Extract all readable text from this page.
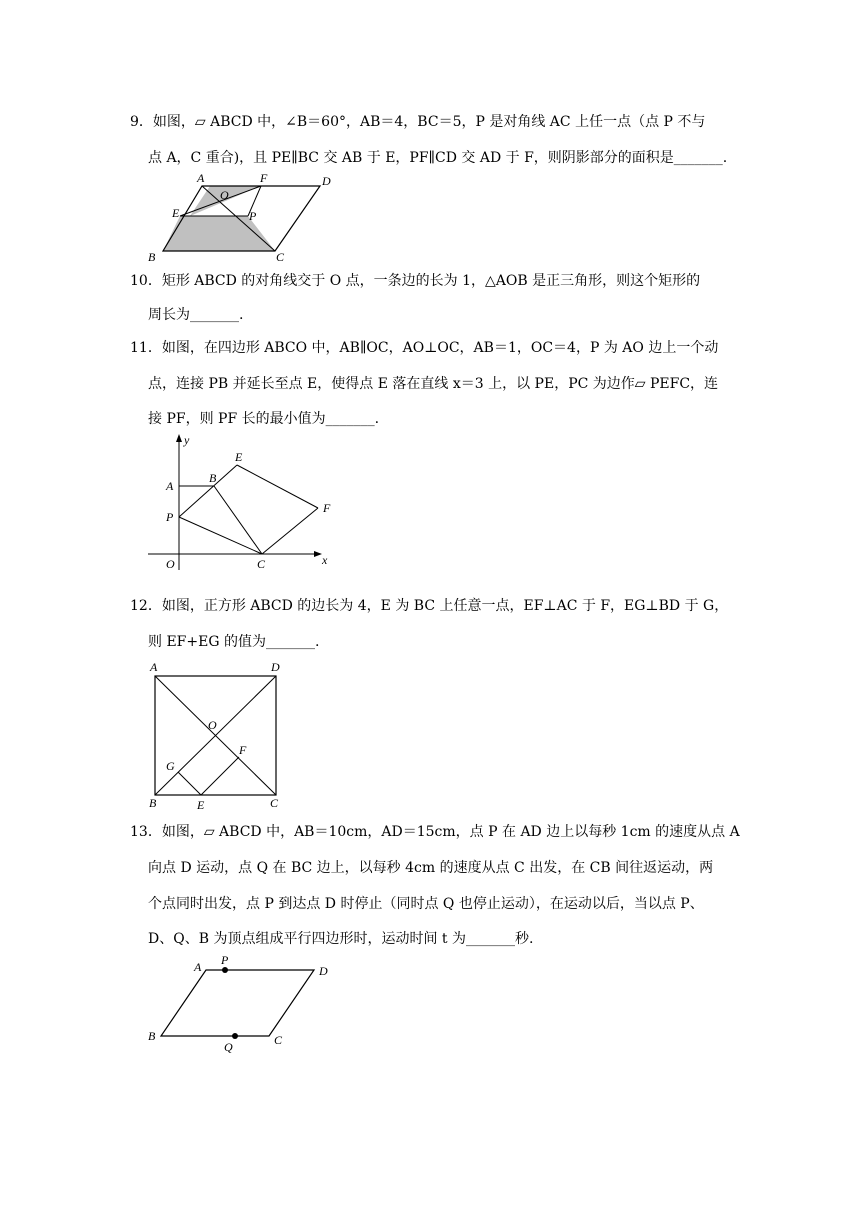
9．如图，▱ ABCD 中，∠B＝60°，AB＝4，BC＝5，P 是对角线 AC 上任一点（点 P 不与
点 A，C 重合)，且 PE∥BC 交 AB 于 E，PF∥CD 交 AD 于 F，则阴影部分的面积是_______.
A
O
F	D
E	P
B	C
10．矩形 ABCD 的对角线交于 O 点，一条边的长为 1，△AOB 是正三角形，则这个矩形的
周长为_______.
11．如图，在四边形 ABCO 中，AB∥OC，AO⊥OC，AB＝1，OC＝4，P 为 AO 边上一个动
点，连接 PB 并延长至点 E，使得点 E 落在直线 x＝3 上，以 PE，PC 为边作▱ PEFC，连
接 PF，则 PF 长的最小值为_______.
y
x
A
B
E
P
F
O	C
12．如图，正方形 ABCD 的边长为 4，E 为 BC 上任意一点，EF⊥AC 于 F，EG⊥BD 于 G，
则 EF+EG 的值为_______.
A	D
O
F
G
B	E	C
13．如图，▱ ABCD 中，AB＝10cm，AD＝15cm，点 P 在 AD 边上以每秒 1cm 的速度从点 A
向点 D 运动，点 Q 在 BC 边上，以每秒 4cm 的速度从点 C 出发，在 CB 间往返运动，两
个点同时出发，点 P 到达点 D 时停止（同时点 Q 也停止运动），在运动以后，当以点 P、
D、Q、B 为顶点组成平行四边形时，运动时间 t 为_______秒.
A P
D
B
Q	C
